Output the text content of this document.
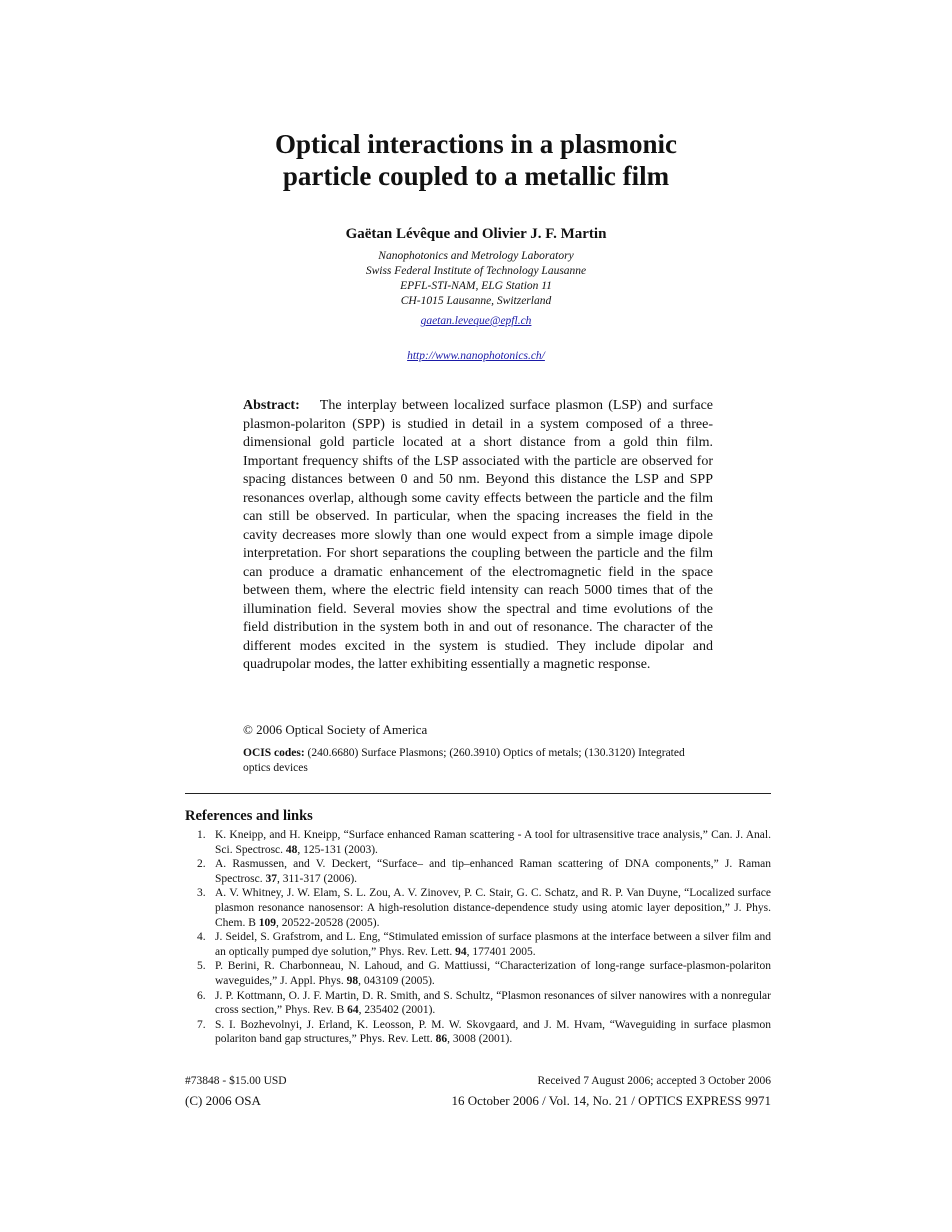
Optical interactions in a plasmonic
particle coupled to a metallic film
Gaëtan Lévêque and Olivier J. F. Martin
Nanophotonics and Metrology Laboratory
Swiss Federal Institute of Technology Lausanne
EPFL-STI-NAM, ELG Station 11
CH-1015 Lausanne, Switzerland
gaetan.leveque@epfl.ch
http://www.nanophotonics.ch/
Abstract: The interplay between localized surface plasmon (LSP) and surface plasmon-polariton (SPP) is studied in detail in a system composed of a three-dimensional gold particle located at a short distance from a gold thin film. Important frequency shifts of the LSP associated with the particle are observed for spacing distances between 0 and 50 nm. Beyond this distance the LSP and SPP resonances overlap, although some cavity effects between the particle and the film can still be observed. In particular, when the spacing increases the field in the cavity decreases more slowly than one would expect from a simple image dipole interpretation. For short separations the coupling between the particle and the film can produce a dramatic enhancement of the electromagnetic field in the space between them, where the electric field intensity can reach 5000 times that of the illumination field. Several movies show the spectral and time evolutions of the field distribution in the system both in and out of resonance. The character of the different modes excited in the system is studied. They include dipolar and quadrupolar modes, the latter exhibiting essentially a magnetic response.
© 2006 Optical Society of America
OCIS codes: (240.6680) Surface Plasmons; (260.3910) Optics of metals; (130.3120) Integrated optics devices
References and links
1. K. Kneipp, and H. Kneipp, “Surface enhanced Raman scattering - A tool for ultrasensitive trace analysis,” Can. J. Anal. Sci. Spectrosc. 48, 125-131 (2003).
2. A. Rasmussen, and V. Deckert, “Surface– and tip–enhanced Raman scattering of DNA components,” J. Raman Spectrosc. 37, 311-317 (2006).
3. A. V. Whitney, J. W. Elam, S. L. Zou, A. V. Zinovev, P. C. Stair, G. C. Schatz, and R. P. Van Duyne, “Localized surface plasmon resonance nanosensor: A high-resolution distance-dependence study using atomic layer deposition,” J. Phys. Chem. B 109, 20522-20528 (2005).
4. J. Seidel, S. Grafstrom, and L. Eng, “Stimulated emission of surface plasmons at the interface between a silver film and an optically pumped dye solution,” Phys. Rev. Lett. 94, 177401 2005.
5. P. Berini, R. Charbonneau, N. Lahoud, and G. Mattiussi, “Characterization of long-range surface-plasmon-polariton waveguides,” J. Appl. Phys. 98, 043109 (2005).
6. J. P. Kottmann, O. J. F. Martin, D. R. Smith, and S. Schultz, “Plasmon resonances of silver nanowires with a nonregular cross section,” Phys. Rev. B 64, 235402 (2001).
7. S. I. Bozhevolnyi, J. Erland, K. Leosson, P. M. W. Skovgaard, and J. M. Hvam, “Waveguiding in surface plasmon polariton band gap structures,” Phys. Rev. Lett. 86, 3008 (2001).
#73848 - $15.00 USD	Received 7 August 2006; accepted 3 October 2006
(C) 2006 OSA	16 October 2006 / Vol. 14, No. 21 / OPTICS EXPRESS 9971
